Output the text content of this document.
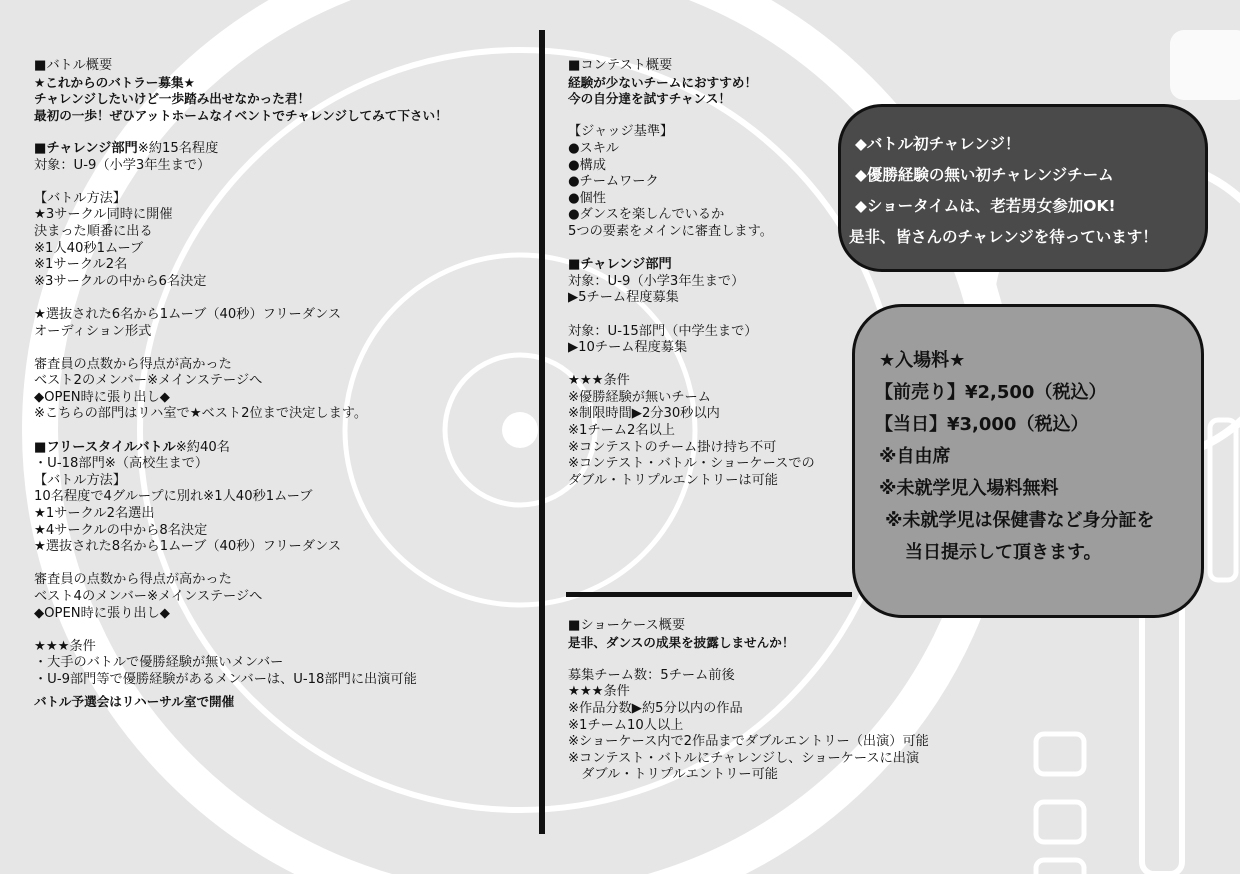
■バトル概要

★これからのバトラー募集★

チャレンジしたいけど一歩踏み出せなかった君！

最初の一歩！ぜひアットホームなイベントでチャレンジしてみて下さい！

■チャレンジ部門※約15名程度

対象：U-9（小学3年生まで）

【バトル方法】

★3サークル同時に開催

決まった順番に出る

※1人40秒1ムーブ

※1サークル2名

※3サークルの中から6名決定

★選抜された6名から1ムーブ（40秒）フリーダンス

オーディション形式

審査員の点数から得点が高かった

ベスト2のメンバー※メインステージへ

◆OPEN時に張り出し◆

※こちらの部門はリハ室で★ベスト2位まで決定します。

■フリースタイルバトル※約40名

・U-18部門※（高校生まで）

【バトル方法】

10名程度で4グループに別れ※1人40秒1ムーブ

★1サークル2名選出

★4サークルの中から8名決定

★選抜された8名から1ムーブ（40秒）フリーダンス

審査員の点数から得点が高かった

ベスト4のメンバー※メインステージへ

◆OPEN時に張り出し◆

★★★条件

・大手のバトルで優勝経験が無いメンバー

・U-9部門等で優勝経験があるメンバーは、U-18部門に出演可能

バトル予選会はリハーサル室で開催

■コンテスト概要

経験が少ないチームにおすすめ！

今の自分達を試すチャンス！

【ジャッジ基準】

●スキル

●構成

●チームワーク

●個性

●ダンスを楽しんでいるか

5つの要素をメインに審査します。

■チャレンジ部門

対象：U-9（小学3年生まで）

▶5チーム程度募集

対象：U-15部門（中学生まで）

▶10チーム程度募集

★★★条件

※優勝経験が無いチーム

※制限時間▶2分30秒以内

※1チーム2名以上

※コンテストのチーム掛け持ち不可

※コンテスト・バトル・ショーケースでの

ダブル・トリプルエントリーは可能

■ショーケース概要

是非、ダンスの成果を披露しませんか！

募集チーム数：5チーム前後

★★★条件

※作品分数▶約5分以内の作品

※1チーム10人以上

※ショーケース内で2作品までダブルエントリー（出演）可能

※コンテスト・バトルにチャレンジし、ショーケースに出演

　ダブル・トリプルエントリー可能

◆バトル初チャレンジ！

◆優勝経験の無い初チャレンジチーム

◆ショータイムは、老若男女参加OK!

是非、皆さんのチャレンジを待っています！

★入場料★

【前売り】¥2,500（税込）

【当日】¥3,000（税込）

※自由席

※未就学児入場料無料

※未就学児は保健書など身分証を

当日提示して頂きます。
